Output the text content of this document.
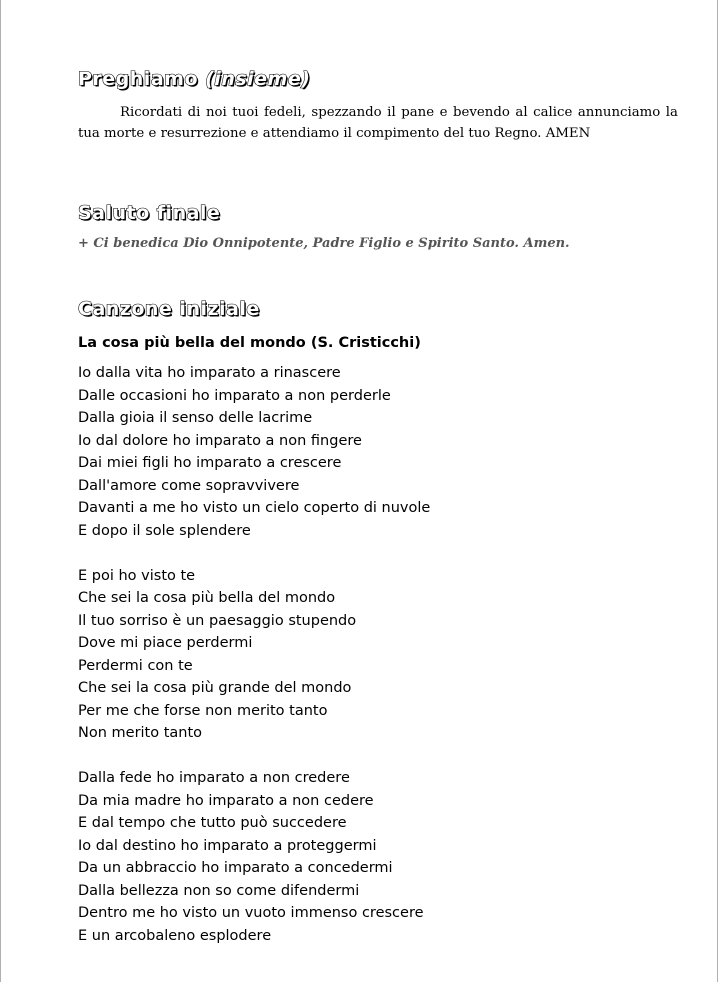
Preghiamo (insieme)

Ricordati di noi tuoi fedeli, spezzando il pane e bevendo al calice annunciamo la tua morte e resurrezione e attendiamo il compimento del tuo Regno. AMEN

Saluto finale

+ Ci benedica Dio Onnipotente, Padre Figlio e Spirito Santo. Amen.

Canzone iniziale

La cosa più bella del mondo (S. Cristicchi)

Io dalla vita ho imparato a rinascere
Dalle occasioni ho imparato a non perderle
Dalla gioia il senso delle lacrime
Io dal dolore ho imparato a non fingere
Dai miei figli ho imparato a crescere
Dall'amore come sopravvivere
Davanti a me ho visto un cielo coperto di nuvole
E dopo il sole splendere
E poi ho visto te
Che sei la cosa più bella del mondo
Il tuo sorriso è un paesaggio stupendo
Dove mi piace perdermi
Perdermi con te
Che sei la cosa più grande del mondo
Per me che forse non merito tanto
Non merito tanto
Dalla fede ho imparato a non credere
Da mia madre ho imparato a non cedere
E dal tempo che tutto può succedere
Io dal destino ho imparato a proteggermi
Da un abbraccio ho imparato a concedermi
Dalla bellezza non so come difendermi
Dentro me ho visto un vuoto immenso crescere
E un arcobaleno esplodere
